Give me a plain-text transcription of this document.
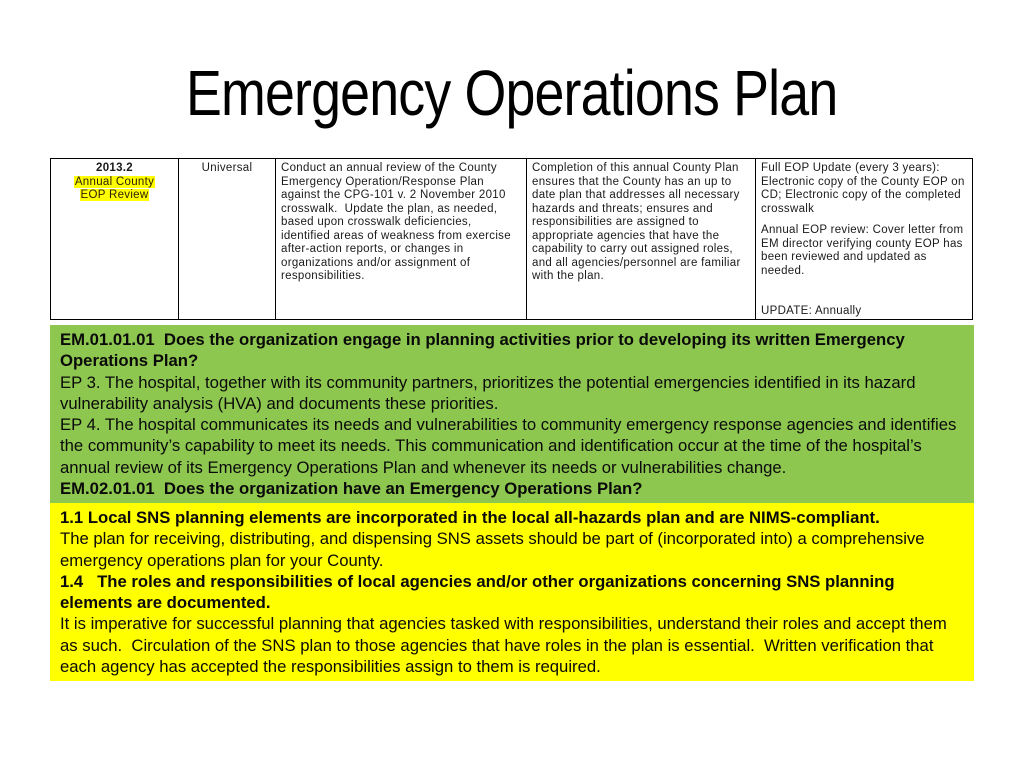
Emergency Operations Plan
2013.2
Annual County
EOP Review
Universal	Conduct an annual review of the County Emergency Operation/Response Plan against the CPG-101 v. 2 November 2010 crosswalk.  Update the plan, as needed, based upon crosswalk deficiencies, identified areas of weakness from exercise after-action reports, or changes in organizations and/or assignment of responsibilities.
Completion of this annual County Plan ensures that the County has an up to date plan that addresses all necessary hazards and threats; ensures and responsibilities are assigned to appropriate agencies that have the capability to carry out assigned roles, and all agencies/personnel are familiar with the plan.
Full EOP Update (every 3 years): Electronic copy of the County EOP on CD; Electronic copy of the completed crosswalk
Annual EOP review: Cover letter from EM director verifying county EOP has been reviewed and updated as needed.
UPDATE: Annually
EM.01.01.01  Does the organization engage in planning activities prior to developing its written Emergency Operations Plan?
EP 3. The hospital, together with its community partners, prioritizes the potential emergencies identified in its hazard vulnerability analysis (HVA) and documents these priorities.
EP 4. The hospital communicates its needs and vulnerabilities to community emergency response agencies and identifies the community’s capability to meet its needs. This communication and identification occur at the time of the hospital’s annual review of its Emergency Operations Plan and whenever its needs or vulnerabilities change.
EM.02.01.01  Does the organization have an Emergency Operations Plan?
1.1 Local SNS planning elements are incorporated in the local all-hazards plan and are NIMS-compliant.
The plan for receiving, distributing, and dispensing SNS assets should be part of (incorporated into) a comprehensive emergency operations plan for your County.
1.4   The roles and responsibilities of local agencies and/or other organizations concerning SNS planning elements are documented.
It is imperative for successful planning that agencies tasked with responsibilities, understand their roles and accept them as such.  Circulation of the SNS plan to those agencies that have roles in the plan is essential.  Written verification that each agency has accepted the responsibilities assign to them is required.
